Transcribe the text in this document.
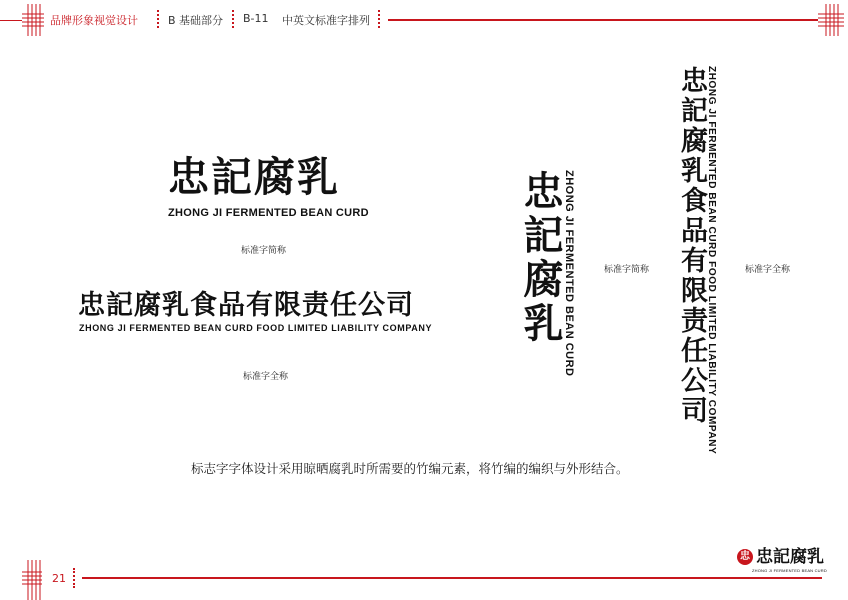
品牌形象视觉设计	B 基础部分 B-11 中英文标准字排列
忠記腐乳
ZHONG JI FERMENTED BEAN CURD
标准字简称
忠記腐乳食品有限责任公司
ZHONG JI FERMENTED BEAN CURD FOOD LIMITED LIABILITY COMPANY
标准字全称
忠記腐乳 ZHONG JI FERMENTED BEAN CURD	标准字简称 忠記腐乳食品有限责任公司 ZHONG JI FERMENTED BEAN CURD FOOD LIMITED LIABILITY COMPANY	标准字全称
标志字字体设计采用晾晒腐乳时所需要的竹编元素，将竹编的编织与外形结合。
21
忠 忠記腐乳
ZHONG JI FERMENTED BEAN CURD
